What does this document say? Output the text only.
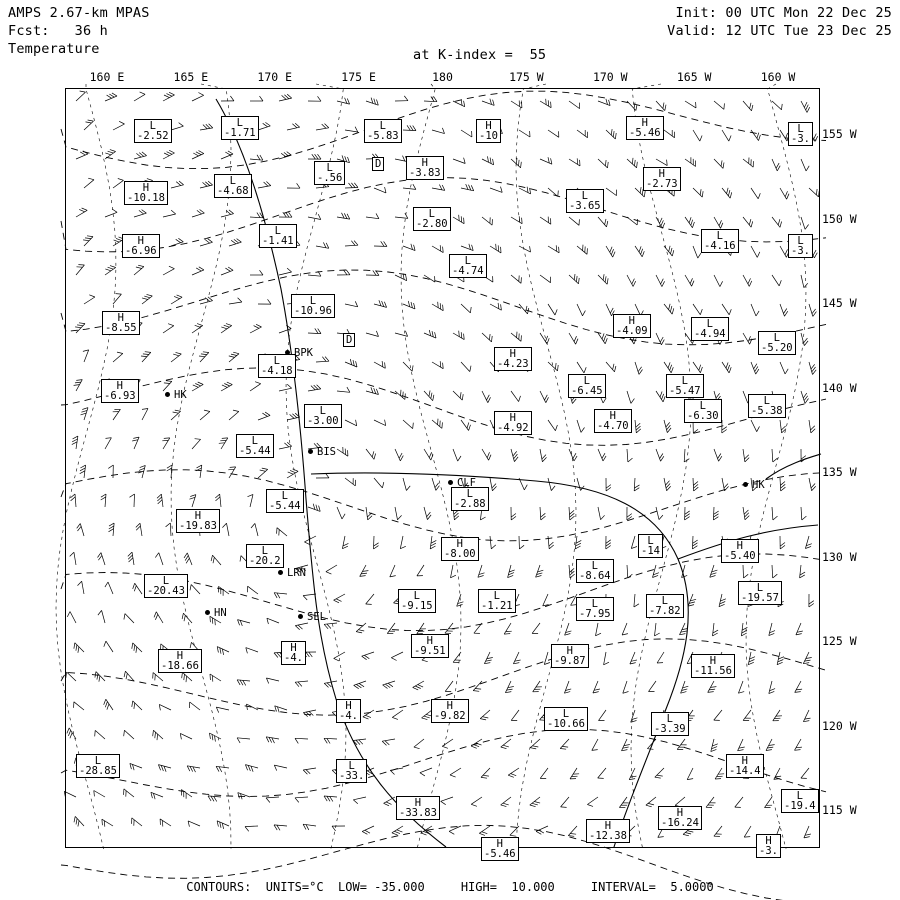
AMPS 2.67-km MPAS
Fcst:   36 h
Temperature
Init: 00 UTC Mon 22 Dec 25
Valid: 12 UTC Tue 23 Dec 25
at K-index =  55
160 E	165 E	170 E	175 E	180	175 W	170 W	165 W	160 W
155 W
150 W
145 W
140 W
135 W
130 W
125 W
120 W
115 W
L
-2.52
L
-1.71
L
-5.83
H
-10
H
-5.46	L
-3.
H
-10.18
L
-4.68
L
-.56
D	H
-3.83	H
-2.73
L
-3.65
L
-2.80
H
-6.96
L
-1.41	L
-4.16	L
-3.
L
-4.74
L
-10.96
H
-8.55
H
-4.09
L
-4.94
D
H
-4.23
L
-5.20
L
-4.18
H
-6.93
L
-5.47
L
-6.45
L
-5.38
L
-6.30
L
-3.00	H
-4.92
H
-4.70
L
-5.44
L
-2.88
H
-19.83
L
-5.44
H
-5.40
L
-14
H
-8.00
L
-20.2	L
-8.64
L
-19.57
L
-20.43	L
-9.15
L
-1.21	L
-7.95
L
-7.82
H
-9.51
H
-18.66
H
-4.
H
-9.87	H
-11.56
H
-4.
H
-9.82	L
-10.66	L
-3.39
L
-28.85
H
-14.4
L
-19.4
H
-33.83
L
-33.
H
-16.24
H
-12.38
H
-5.46
H
-3.
BPK
BIS
CLF
LRN
HN	SEL
HK
HK
CONTOURS:  UNITS=°C  LOW= -35.000     HIGH=  10.000     INTERVAL=  5.0000
